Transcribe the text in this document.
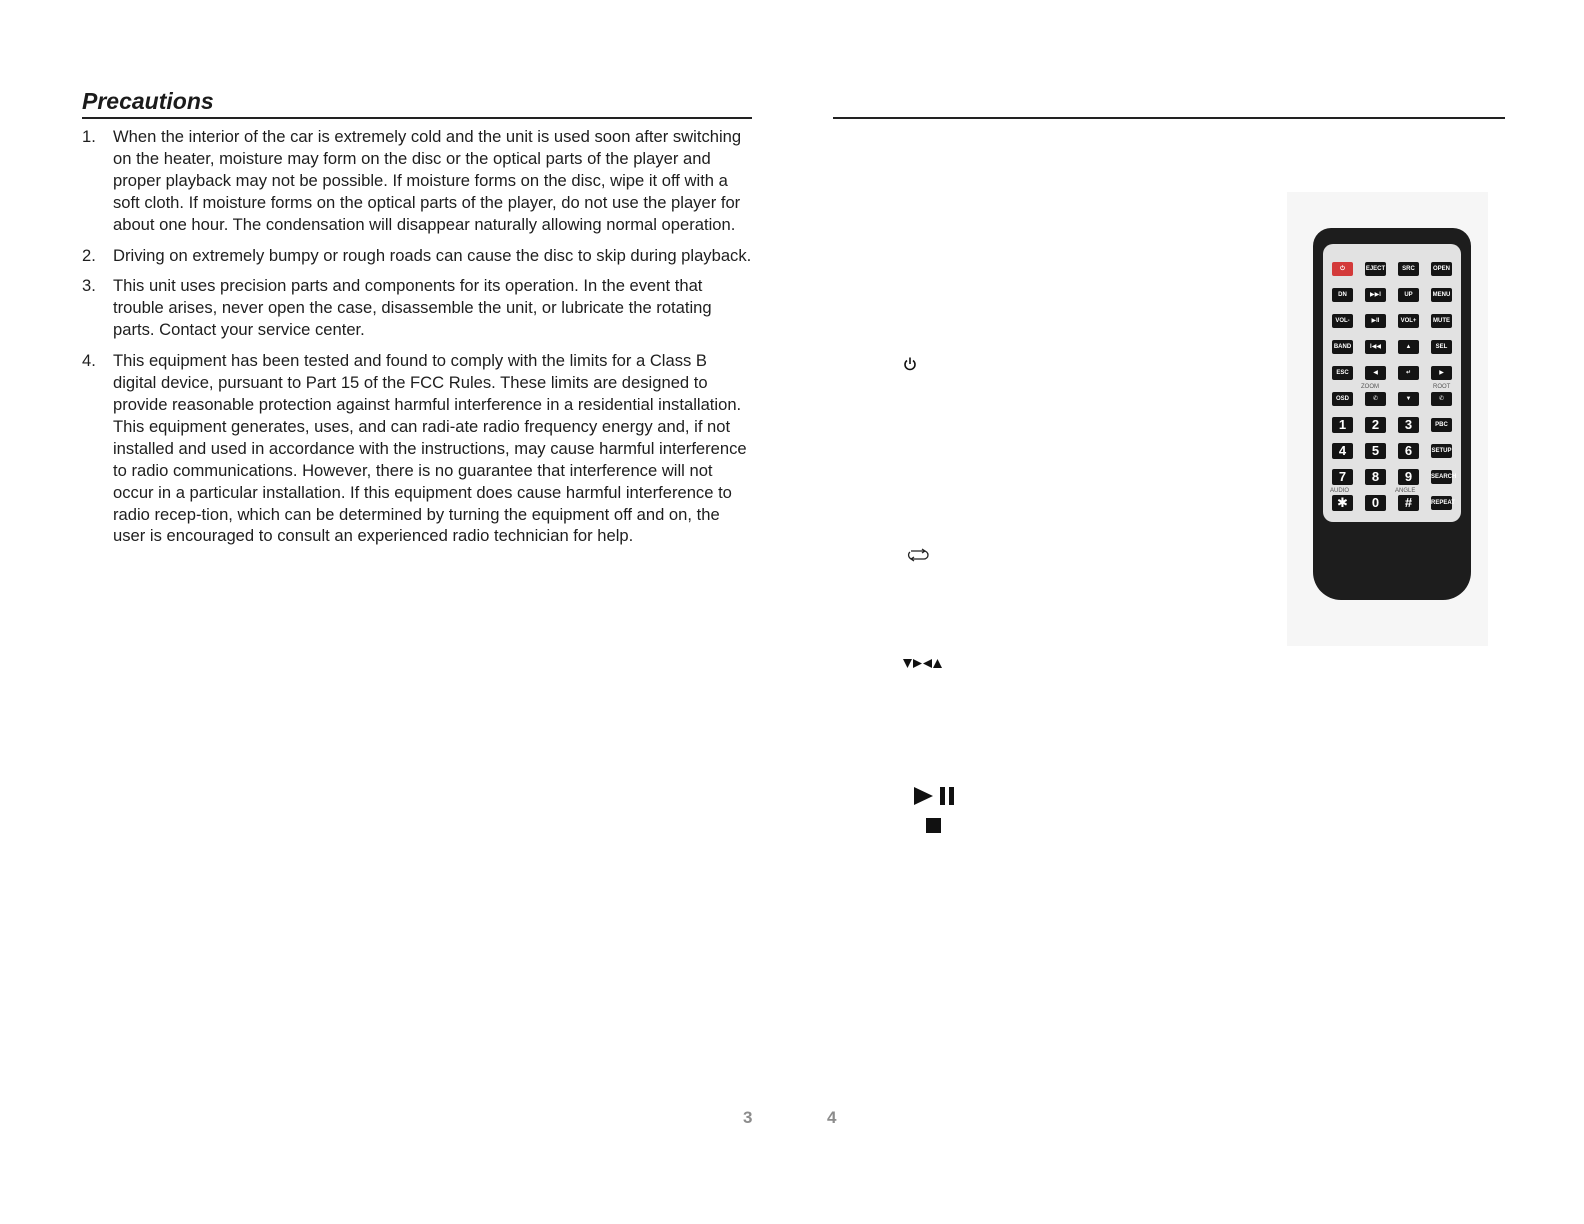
Precautions
1. When the interior of the car is extremely cold and the unit is used soon after switching on the heater, moisture may form on the disc or the optical parts of the player and proper playback may not be possible. If moisture forms on the disc, wipe it off with a soft cloth. If moisture forms on the optical parts of the player, do not use the player for about one hour. The condensation will disappear naturally allowing normal operation.
2. Driving on extremely bumpy or rough roads can cause the disc to skip during playback.
3. This unit uses precision parts and components for its operation. In the event that trouble arises, never open the case, disassemble the unit, or lubricate the rotating parts. Contact your service center.
4. This equipment has been tested and found to comply with the limits for a Class B digital device, pursuant to Part 15 of the FCC Rules. These limits are designed to provide reasonable protection against harmful interference in a residential installation. This equipment generates, uses, and can radi-ate radio frequency energy and, if not installed and used in accordance with the instructions, may cause harmful interference to radio communications. However, there is no guarantee that interference will not occur in a particular installation. If this equipment does cause harmful interference to radio recep-tion, which can be determined by turning the equipment off and on, the user is encouraged to consult an experienced radio technician for help.
⏻	EJECT	SRC	OPEN
DN	▶▶I	UP	MENU
VOL-	▶II	VOL+	MUTE
BAND	I◀◀	▲	SEL
ESC	◀	↵	▶
OSD	✆	▼	✆
1	2	3	PBC
4	5	6	SETUP
7	8	9	SEARCH
✱	0	#	REPEAT
ZOOM	ROOT
AUDIO	ANGLE
3	4
